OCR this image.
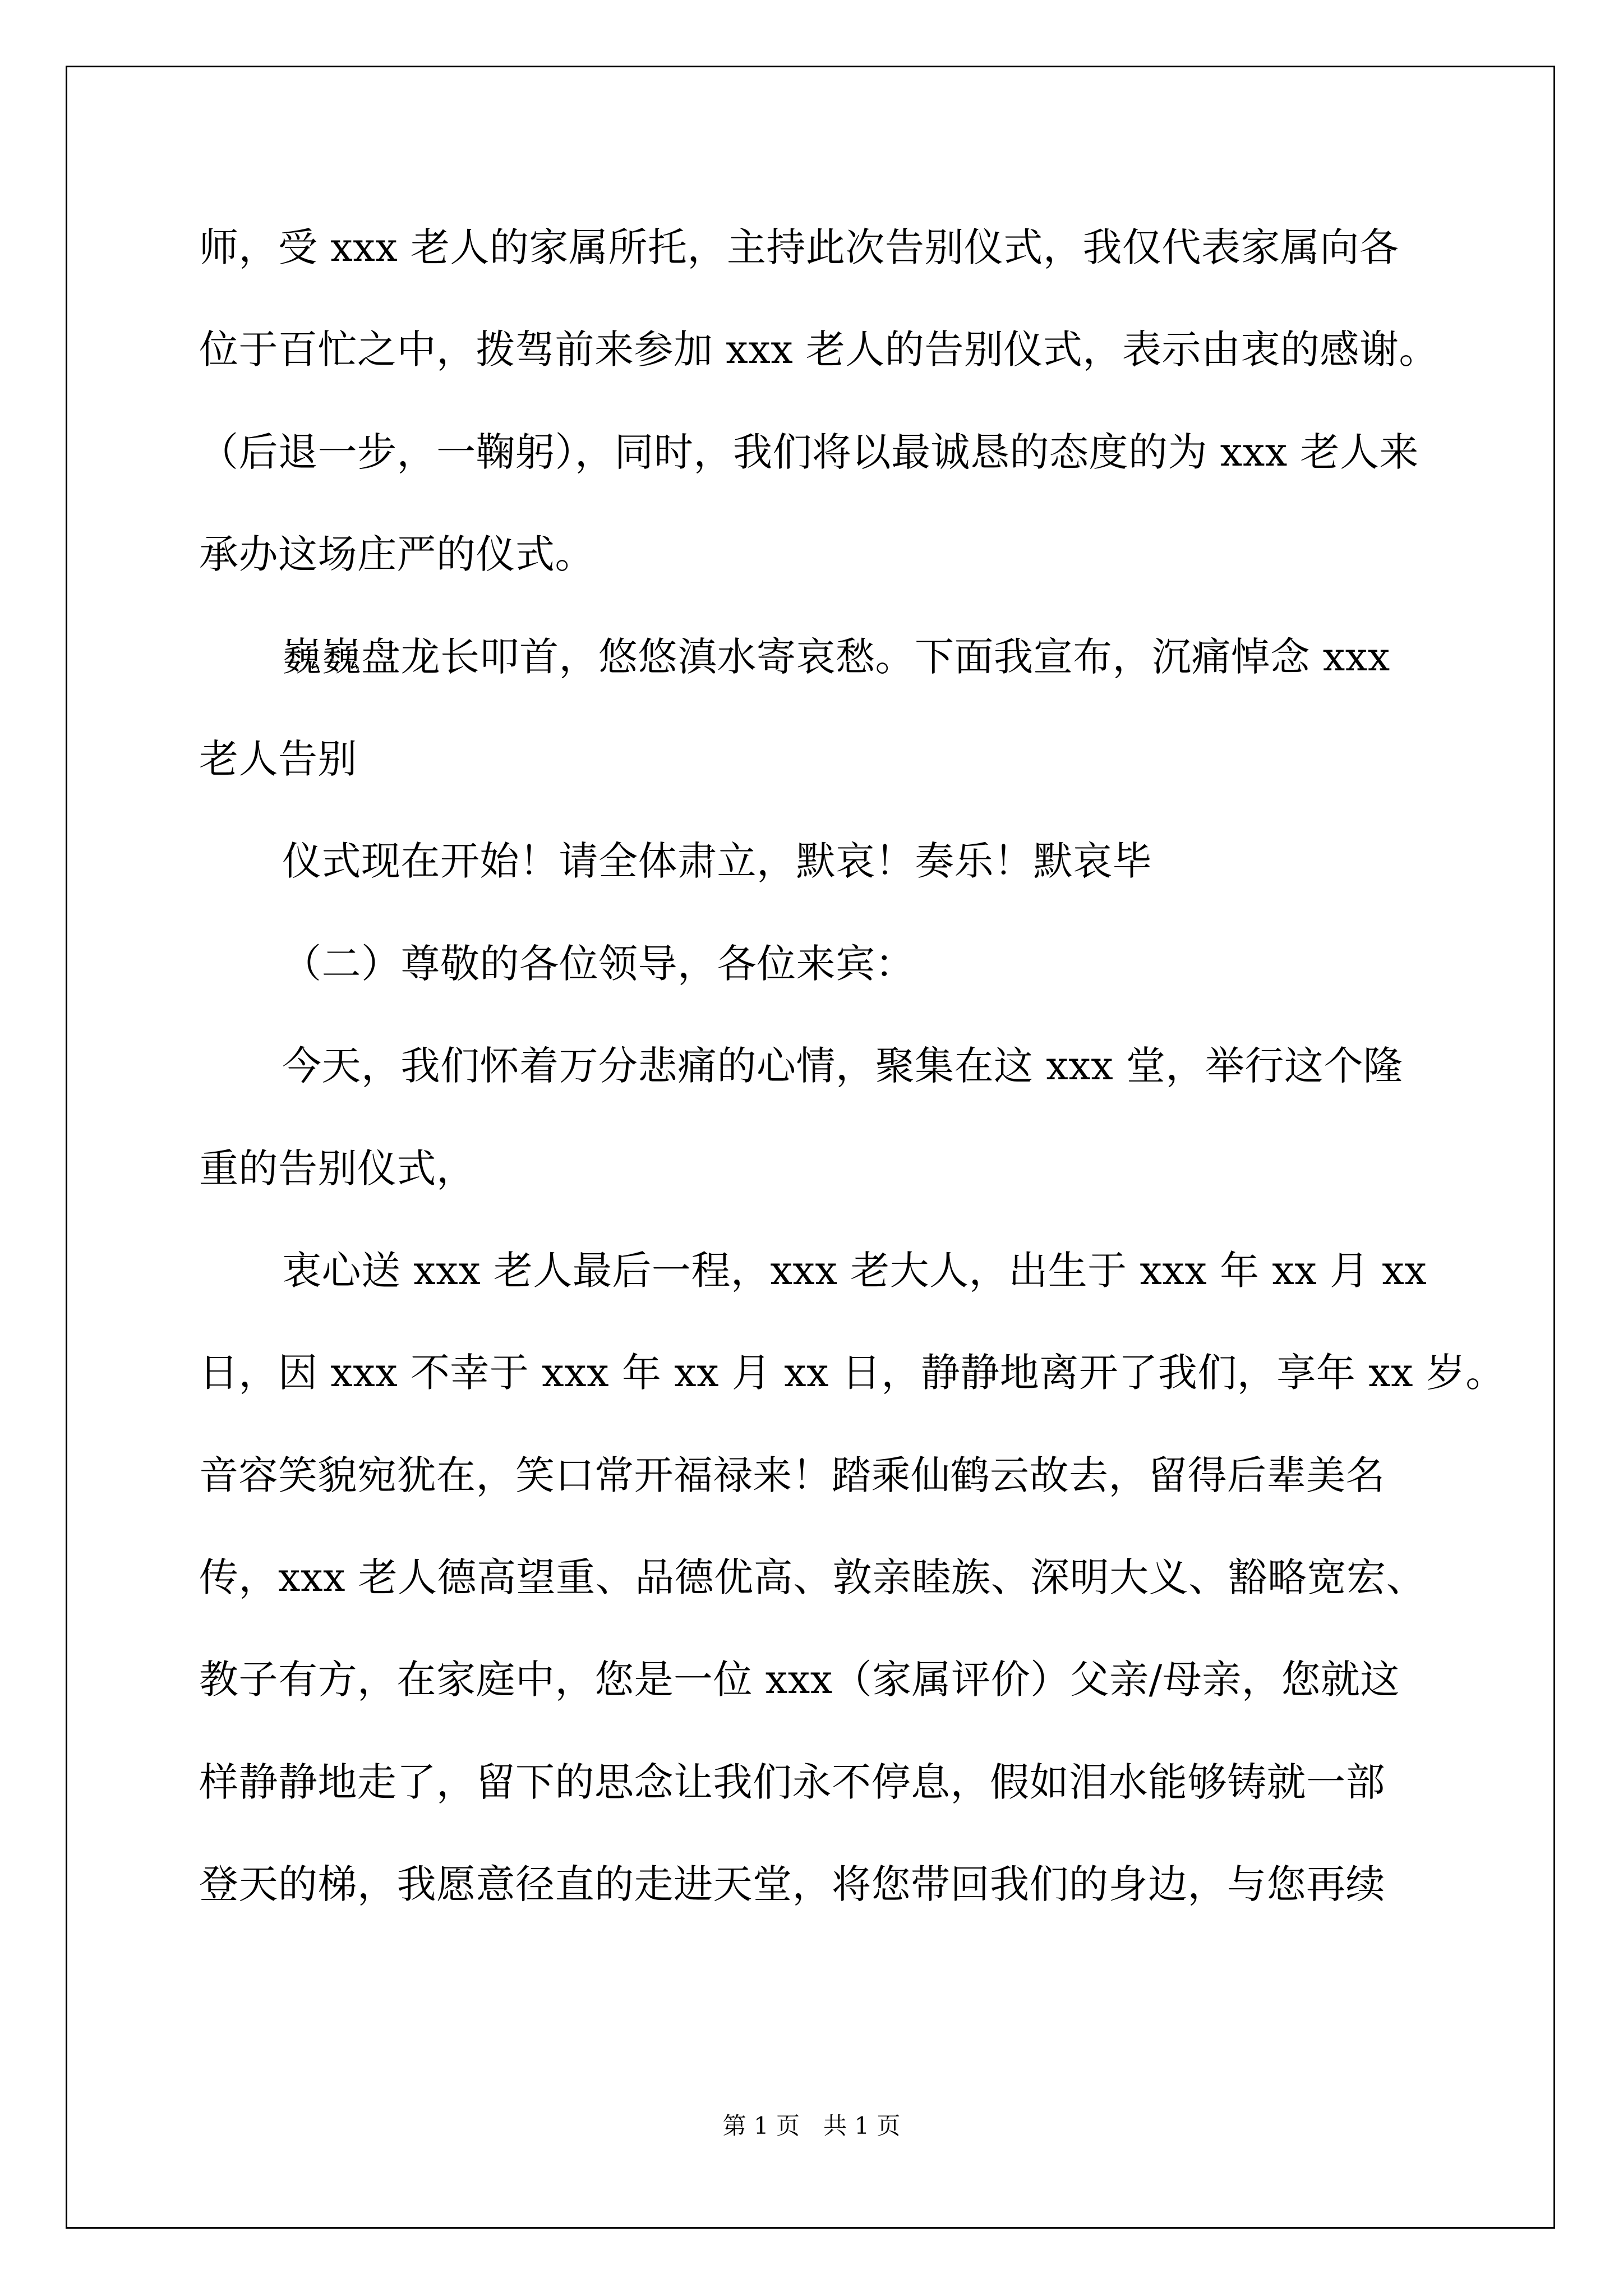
师，受 xxx 老人的家属所托，主持此次告别仪式，我仅代表家属向各
位于百忙之中，拨驾前来参加 xxx 老人的告别仪式，表示由衷的感谢。
（后退一步，一鞠躬），同时，我们将以最诚恳的态度的为 xxx 老人来
承办这场庄严的仪式。
巍巍盘龙长叩首，悠悠滇水寄哀愁。下面我宣布，沉痛悼念 xxx
老人告别
仪式现在开始！请全体肃立，默哀！奏乐！默哀毕
（二）尊敬的各位领导，各位来宾：
今天，我们怀着万分悲痛的心情，聚集在这 xxx 堂，举行这个隆
重的告别仪式，
衷心送 xxx 老人最后一程，xxx 老大人，出生于 xxx 年 xx 月 xx
日，因 xxx 不幸于 xxx 年 xx 月 xx 日，静静地离开了我们，享年 xx 岁。
音容笑貌宛犹在，笑口常开福禄来！踏乘仙鹤云故去，留得后辈美名
传，xxx 老人德高望重、品德优高、敦亲睦族、深明大义、豁略宽宏、
教子有方，在家庭中，您是一位 xxx（家属评价）父亲/母亲，您就这
样静静地走了，留下的思念让我们永不停息，假如泪水能够铸就一部
登天的梯，我愿意径直的走进天堂，将您带回我们的身边，与您再续
第 1 页　共 1 页
